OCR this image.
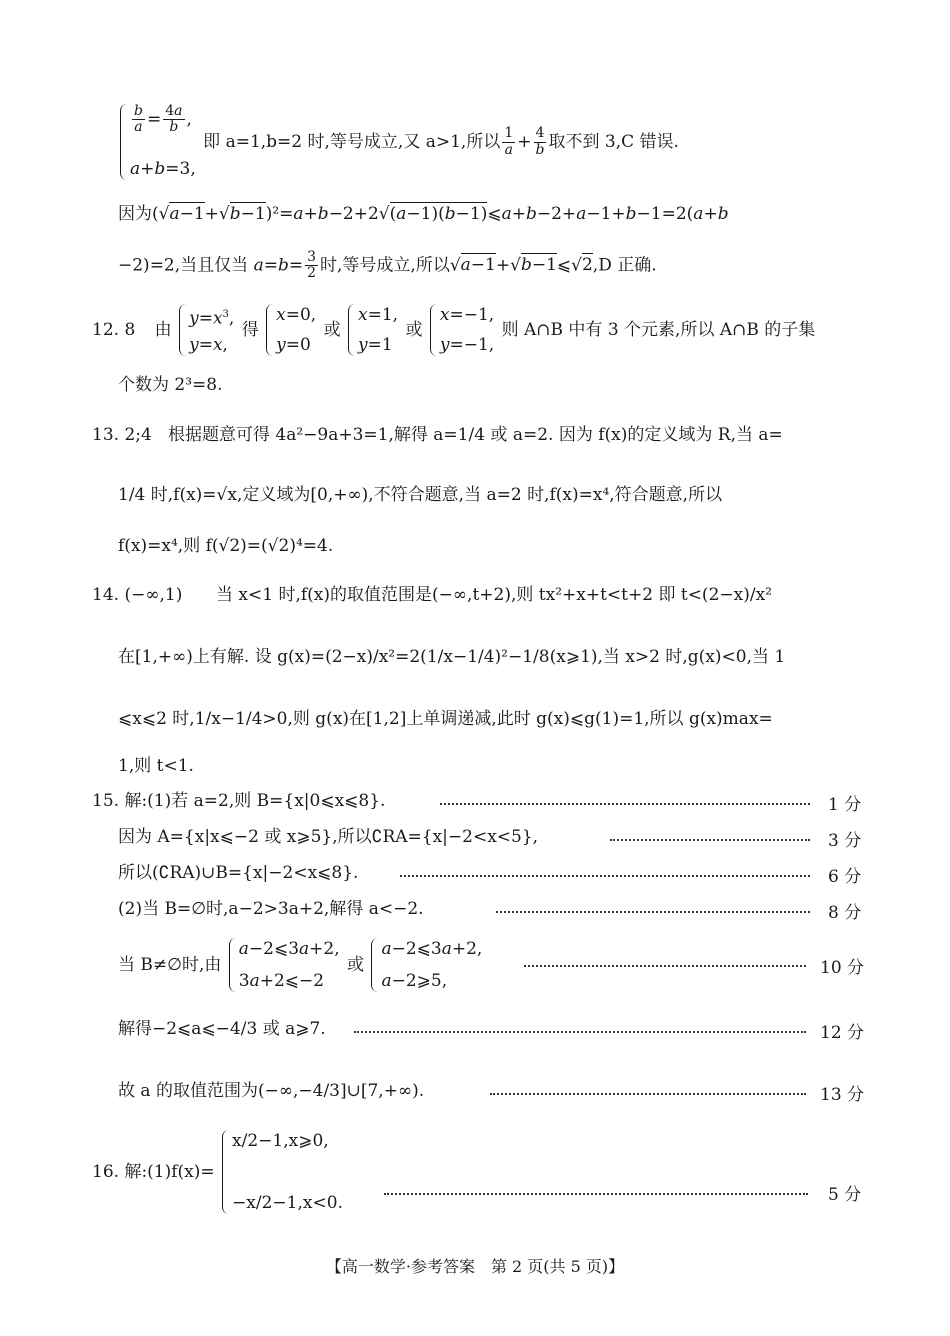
$\frac{b}{a} = \frac{4a}{b}$ ,
a+b=3,
即 a=1,b=2 时,等号成立,又 a>1,所以 $\frac{1}{a} + \frac{4}{b}$ 取不到 3,C 错误.
因为(√a−1+√b−1)²=a+b−2+2√(a−1)(b−1)⩽a+b−2+a−1+b−1=2(a+b
−2)=2,当且仅当 $a=b= \frac{3}{2}$ 时,等号成立,所以√a−1+√b−1⩽√2,D 正确.
12. 8 由
$y=x^3$,
y=x,
得
x=0,
y=0
或
x=1,
y=1
或
x=−1,
y=−1,
则 A∩B 中有 3 个元素,所以 A∩B 的子集
个数为 2³=8.
13. 2;4 根据题意可得 4a²−9a+3=1,解得 a=1/4 或 a=2. 因为 f(x)的定义域为 R,当 a=
1/4 时,f(x)=√x,定义域为[0,+∞),不符合题意,当 a=2 时,f(x)=x⁴,符合题意,所以
f(x)=x⁴,则 f(√2)=(√2)⁴=4.
14. (−∞,1) 当 x<1 时,f(x)的取值范围是(−∞,t+2),则 tx²+x+t<t+2 即 t<(2−x)/x²
在[1,+∞)上有解. 设 g(x)=(2−x)/x²=2(1/x−1/4)²−1/8(x⩾1),当 x>2 时,g(x)<0,当 1
⩽x⩽2 时,1/x−1/4>0,则 g(x)在[1,2]上单调递减,此时 g(x)⩽g(1)=1,所以 g(x)max=
1,则 t<1.
15. 解:(1)若 a=2,则 B={x|0⩽x⩽8}.	1 分
因为 A={x|x⩽−2 或 x⩾5},所以∁RA={x|−2<x<5},	3 分
所以(∁RA)∪B={x|−2<x⩽8}.	6 分
(2)当 B=∅时,a−2>3a+2,解得 a<−2.	8 分
当 B≠∅时,由
a−2⩽3a+2,
3a+2⩽−2
或
a−2⩽3a+2,
a−2⩾5,
10 分
解得−2⩽a⩽−4/3 或 a⩾7.	12 分
故 a 的取值范围为(−∞,−4/3]∪[7,+∞).	13 分
16. 解:(1)f(x)=
x/2−1,x⩾0,
−x/2−1,x<0.	5 分
【高一数学·参考答案　第 2 页(共 5 页)】
